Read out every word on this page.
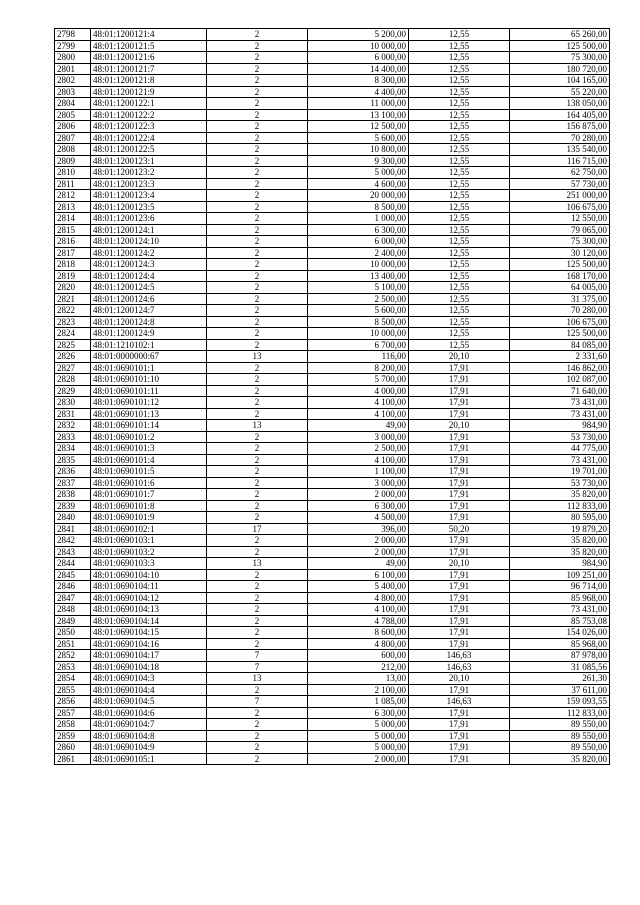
2798	48:01:1200121:4	2	5 200,00	12,55	65 260,00
2799	48:01:1200121:5	2	10 000,00	12,55	125 500,00
2800	48:01:1200121:6	2	6 000,00	12,55	75 300,00
2801	48:01:1200121:7	2	14 400,00	12,55	180 720,00
2802	48:01:1200121:8	2	8 300,00	12,55	104 165,00
2803	48:01:1200121:9	2	4 400,00	12,55	55 220,00
2804	48:01:1200122:1	2	11 000,00	12,55	138 050,00
2805	48:01:1200122:2	2	13 100,00	12,55	164 405,00
2806	48:01:1200122:3	2	12 500,00	12,55	156 875,00
2807	48:01:1200122:4	2	5 600,00	12,55	70 280,00
2808	48:01:1200122:5	2	10 800,00	12,55	135 540,00
2809	48:01:1200123:1	2	9 300,00	12,55	116 715,00
2810	48:01:1200123:2	2	5 000,00	12,55	62 750,00
2811	48:01:1200123:3	2	4 600,00	12,55	57 730,00
2812	48:01:1200123:4	2	20 000,00	12,55	251 000,00
2813	48:01:1200123:5	2	8 500,00	12,55	106 675,00
2814	48:01:1200123:6	2	1 000,00	12,55	12 550,00
2815	48:01:1200124:1	2	6 300,00	12,55	79 065,00
2816	48:01:1200124:10	2	6 000,00	12,55	75 300,00
2817	48:01:1200124:2	2	2 400,00	12,55	30 120,00
2818	48:01:1200124:3	2	10 000,00	12,55	125 500,00
2819	48:01:1200124:4	2	13 400,00	12,55	168 170,00
2820	48:01:1200124:5	2	5 100,00	12,55	64 005,00
2821	48:01:1200124:6	2	2 500,00	12,55	31 375,00
2822	48:01:1200124:7	2	5 600,00	12,55	70 280,00
2823	48:01:1200124:8	2	8 500,00	12,55	106 675,00
2824	48:01:1200124:9	2	10 000,00	12,55	125 500,00
2825	48:01:1210102:1	2	6 700,00	12,55	84 085,00
2826	48:01:0000000:67	13	116,00	20,10	2 331,60
2827	48:01:0690101:1	2	8 200,00	17,91	146 862,00
2828	48:01:0690101:10	2	5 700,00	17,91	102 087,00
2829	48:01:0690101:11	2	4 000,00	17,91	71 640,00
2830	48:01:0690101:12	2	4 100,00	17,91	73 431,00
2831	48:01:0690101:13	2	4 100,00	17,91	73 431,00
2832	48:01:0690101:14	13	49,00	20,10	984,90
2833	48:01:0690101:2	2	3 000,00	17,91	53 730,00
2834	48:01:0690101:3	2	2 500,00	17,91	44 775,00
2835	48:01:0690101:4	2	4 100,00	17,91	73 431,00
2836	48:01:0690101:5	2	1 100,00	17,91	19 701,00
2837	48:01:0690101:6	2	3 000,00	17,91	53 730,00
2838	48:01:0690101:7	2	2 000,00	17,91	35 820,00
2839	48:01:0690101:8	2	6 300,00	17,91	112 833,00
2840	48:01:0690101:9	2	4 500,00	17,91	80 595,00
2841	48:01:0690102:1	17	396,00	50,20	19 879,20
2842	48:01:0690103:1	2	2 000,00	17,91	35 820,00
2843	48:01:0690103:2	2	2 000,00	17,91	35 820,00
2844	48:01:0690103:3	13	49,00	20,10	984,90
2845	48:01:0690104:10	2	6 100,00	17,91	109 251,00
2846	48:01:0690104:11	2	5 400,00	17,91	96 714,00
2847	48:01:0690104:12	2	4 800,00	17,91	85 968,00
2848	48:01:0690104:13	2	4 100,00	17,91	73 431,00
2849	48:01:0690104:14	2	4 788,00	17,91	85 753,08
2850	48:01:0690104:15	2	8 600,00	17,91	154 026,00
2851	48:01:0690104:16	2	4 800,00	17,91	85 968,00
2852	48:01:0690104:17	7	600,00	146,63	87 978,00
2853	48:01:0690104:18	7	212,00	146,63	31 085,56
2854	48:01:0690104:3	13	13,00	20,10	261,30
2855	48:01:0690104:4	2	2 100,00	17,91	37 611,00
2856	48:01:0690104:5	7	1 085,00	146,63	159 093,55
2857	48:01:0690104:6	2	6 300,00	17,91	112 833,00
2858	48:01:0690104:7	2	5 000,00	17,91	89 550,00
2859	48:01:0690104:8	2	5 000,00	17,91	89 550,00
2860	48:01:0690104:9	2	5 000,00	17,91	89 550,00
2861	48:01:0690105:1	2	2 000,00	17,91	35 820,00
